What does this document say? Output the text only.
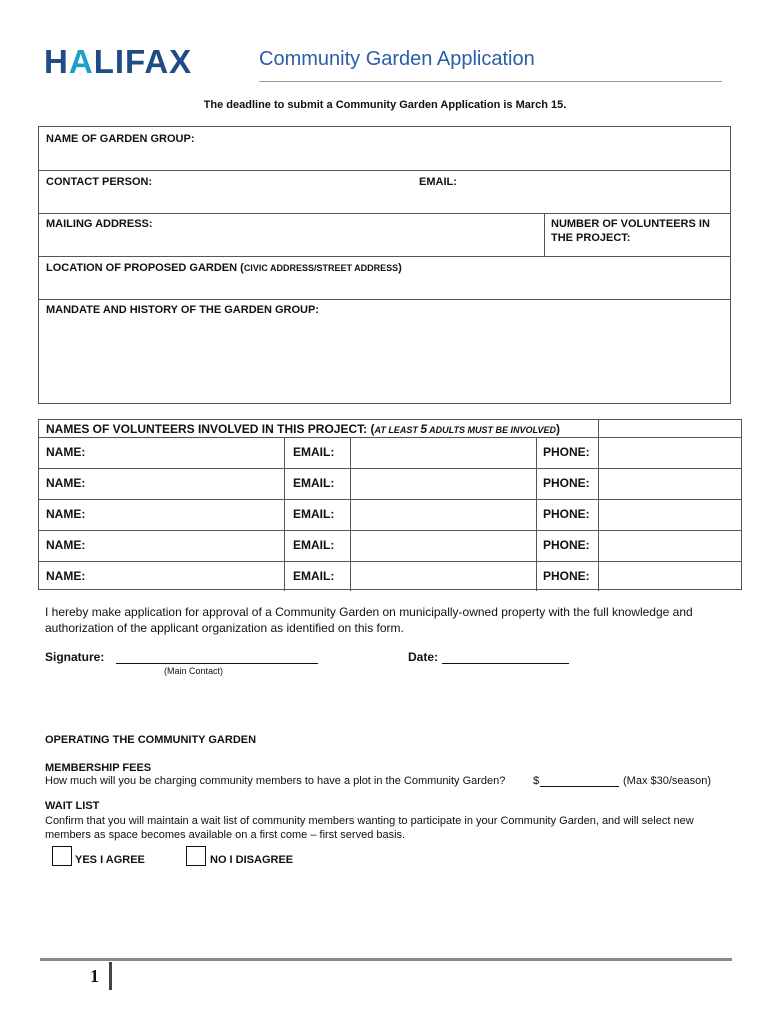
HALIFAX	Community Garden Application
The deadline to submit a Community Garden Application is March 15.
NAME OF GARDEN GROUP:
CONTACT PERSON:	EMAIL:
MAILING ADDRESS:	NUMBER OF VOLUNTEERS IN THE PROJECT:
LOCATION OF PROPOSED GARDEN (CIVIC ADDRESS/STREET ADDRESS)
MANDATE AND HISTORY OF THE GARDEN GROUP:
NAMES OF VOLUNTEERS INVOLVED IN THIS PROJECT: (AT LEAST 5 ADULTS MUST BE INVOLVED)
NAME:	EMAIL:	PHONE:
NAME:	EMAIL:	PHONE:
NAME:	EMAIL:	PHONE:
NAME:	EMAIL:	PHONE:
NAME:	EMAIL:	PHONE:
I hereby make application for approval of a Community Garden on municipally-owned property with the full knowledge and authorization of the applicant organization as identified on this form.
Signature:
(Main Contact)
Date:
OPERATING THE COMMUNITY GARDEN
MEMBERSHIP FEES
How much will you be charging community members to have a plot in the Community Garden?	$	(Max $30/season)
WAIT LIST
Confirm that you will maintain a wait list of community members wanting to participate in your Community Garden, and will select new members as space becomes available on a first come – first served basis.
YES I AGREE	NO I DISAGREE
1
